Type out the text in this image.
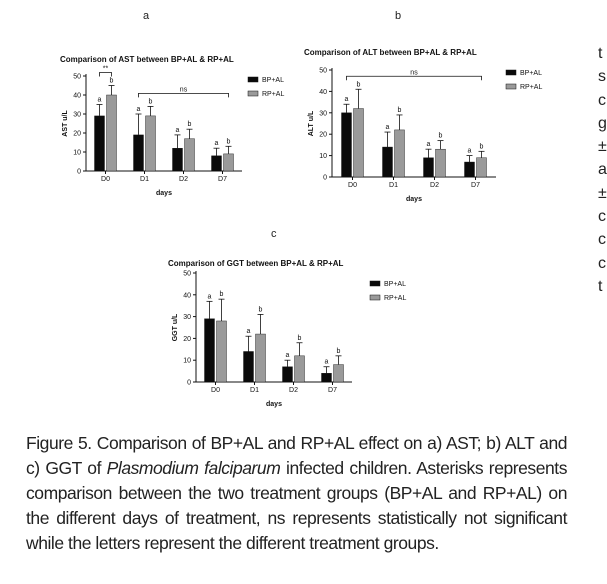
a	b
c
Comparison of AST between BP+AL & RP+AL
0
10
20
30
40
50
AST u/L
days
D0
a
b
D1
a
b
D2
a
b
D7
a b
**
ns
BP+AL
RP+AL
Comparison of ALT between BP+AL & RP+AL
0
10
20
30
40
50
ALT u/L
days
D0
a
b
D1
a
b
D2
a
b
D7
a
b
ns	BP+AL
RP+AL
Comparison of GGT between BP+AL & RP+AL
0
10
20
30
40
50
GGT u/L
days
D0
a b
D1
a
b
D2
a
b
D7
a
b
BP+AL
RP+AL
t
s
c
g
±
a
±
c
c
c
t
Figure 5. Comparison of BP+AL and RP+AL effect on a) AST; b) ALT and c) GGT of Plasmodium falciparum infected children. Asterisks represents comparison between the two treatment groups (BP+AL and RP+AL) on the different days of treatment, ns represents statistically not significant while the letters represent the different treatment groups.
